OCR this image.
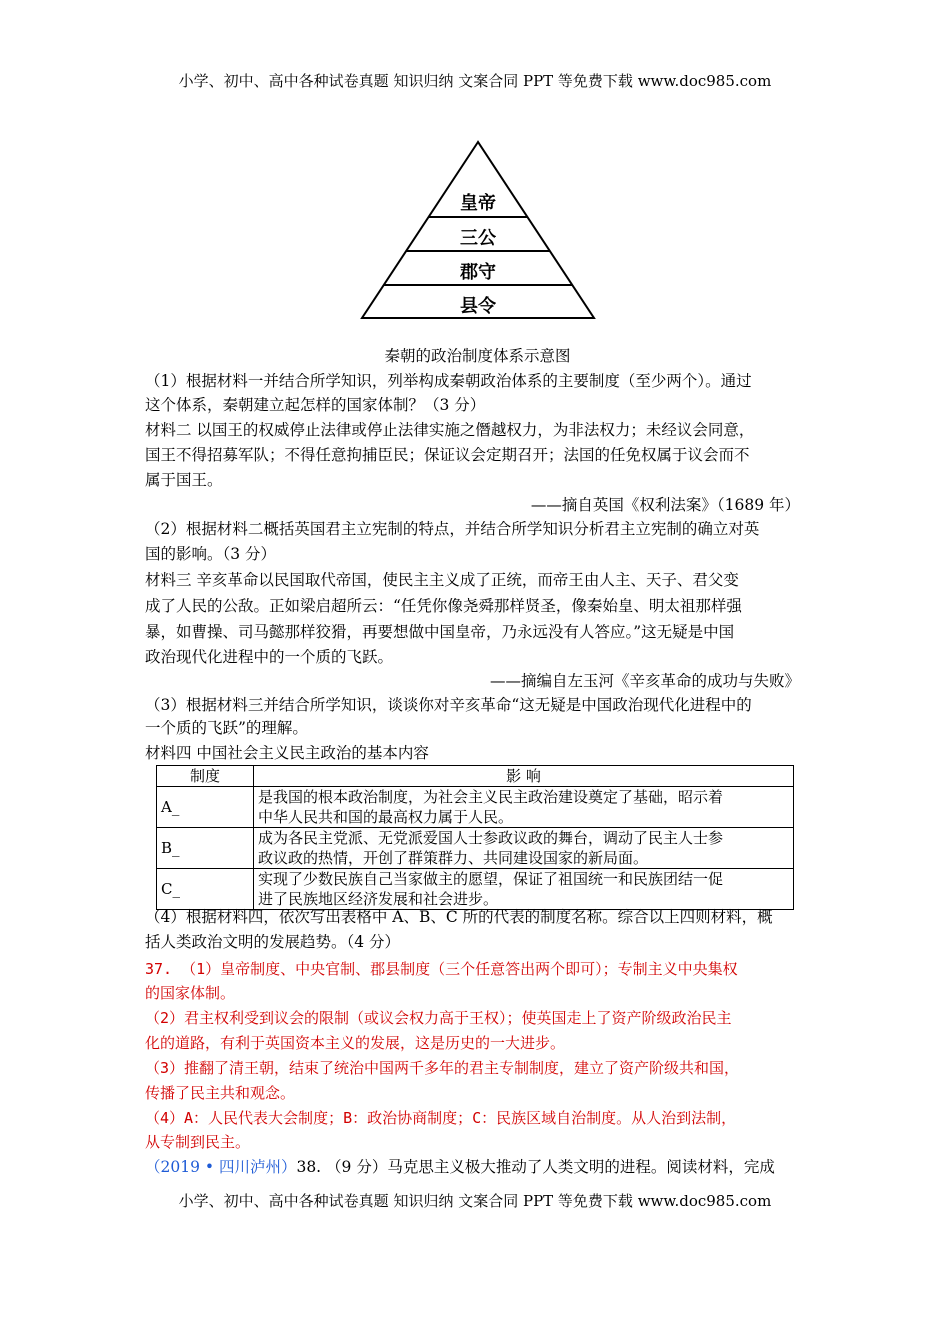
小学、初中、高中各种试卷真题 知识归纳 文案合同 PPT 等免费下载 www.doc985.com
皇帝
三公
郡守
县令
秦朝的政治制度体系示意图
（1）根据材料一并结合所学知识，列举构成秦朝政治体系的主要制度（至少两个）。通过
这个体系，秦朝建立起怎样的国家体制？（3 分）
材料二 以国王的权威停止法律或停止法律实施之僭越权力，为非法权力；未经议会同意，
国王不得招募军队；不得任意拘捕臣民；保证议会定期召开；法国的任免权属于议会而不
属于国王。
——摘自英国《权利法案》（1689 年）
（2）根据材料二概括英国君主立宪制的特点，并结合所学知识分析君主立宪制的确立对英
国的影响。（3 分）
材料三 辛亥革命以民国取代帝国，使民主主义成了正统，而帝王由人主、天子、君父变
成了人民的公敌。正如梁启超所云：“任凭你像尧舜那样贤圣，像秦始皇、明太祖那样强
暴，如曹操、司马懿那样狡猾，再要想做中国皇帝，乃永远没有人答应。”这无疑是中国
政治现代化进程中的一个质的飞跃。
——摘编自左玉河《辛亥革命的成功与失败》
（3）根据材料三并结合所学知识，谈谈你对辛亥革命“这无疑是中国政治现代化进程中的
一个质的飞跃”的理解。
材料四 中国社会主义民主政治的基本内容
制度	影 响
A_	是我国的根本政治制度，为社会主义民主政治建设奠定了基础，昭示着
中华人民共和国的最高权力属于人民。

B_	成为各民主党派、无党派爱国人士参政议政的舞台，调动了民主人士参
政议政的热情，开创了群策群力、共同建设国家的新局面。

C_	实现了少数民族自己当家做主的愿望，保证了祖国统一和民族团结一促
进了民族地区经济发展和社会进步。
（4）根据材料四，依次写出表格中 A、B、C 所的代表的制度名称。综合以上四则材料，概
括人类政治文明的发展趋势。（4 分）
37. （1）皇帝制度、中央官制、郡县制度（三个任意答出两个即可）；专制主义中央集权
的国家体制。
（2）君主权利受到议会的限制（或议会权力高于王权）；使英国走上了资产阶级政治民主
化的道路，有利于英国资本主义的发展，这是历史的一大进步。
（3）推翻了清王朝，结束了统治中国两千多年的君主专制制度，建立了资产阶级共和国，
传播了民主共和观念。
（4）A：人民代表大会制度；B：政治协商制度；C：民族区域自治制度。从人治到法制，
从专制到民主。
（2019 • 四川泸州）38. （9 分）马克思主义极大推动了人类文明的进程。阅读材料，完成
小学、初中、高中各种试卷真题 知识归纳 文案合同 PPT 等免费下载 www.doc985.com
